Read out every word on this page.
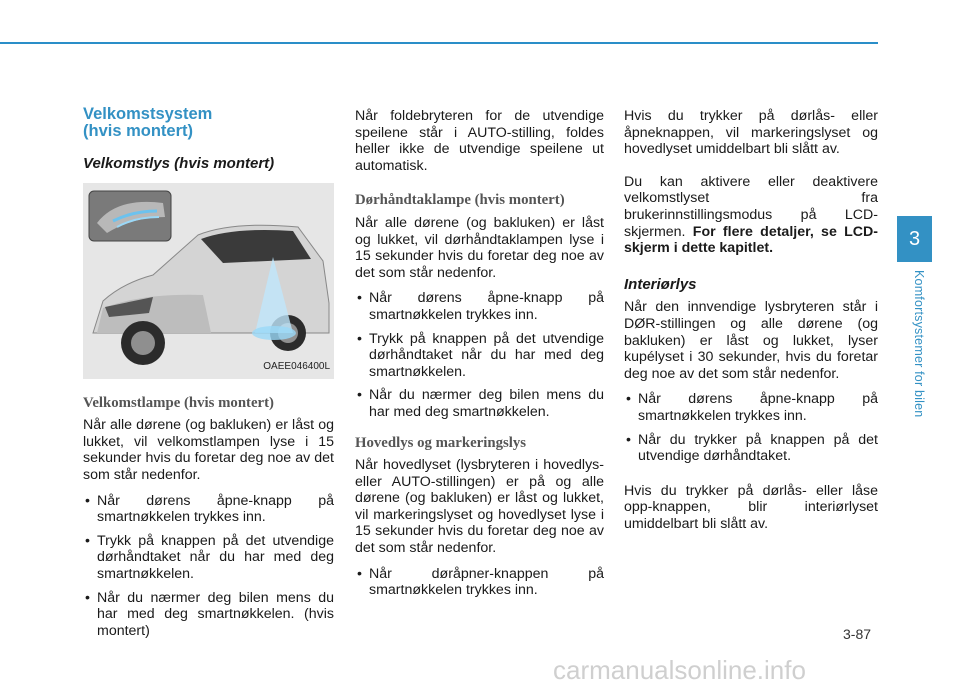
Velkomstsystem
(hvis montert)
Velkomstlys (hvis montert)
OAEE046400L
Velkomstlampe (hvis montert)

Når alle dørene (og bakluken) er låst og lukket, vil velkomstlampen lyse i 15 sekunder hvis du foretar deg noe av det som står nedenfor.

• Når dørens åpne-knapp på smartnøkkelen trykkes inn.
• Trykk på knappen på det utvendige dørhåndtaket når du har med deg smartnøkkelen.
• Når du nærmer deg bilen mens du har med deg smartnøkkelen. (hvis montert)

Når foldebryteren for de utvendige speilene står i AUTO-stilling, foldes heller ikke de utvendige speilene ut automatisk.

Dørhåndtaklampe (hvis montert)

Når alle dørene (og bakluken) er låst og lukket, vil dørhåndtaklampen lyse i 15 sekunder hvis du foretar deg noe av det som står nedenfor.

• Når dørens åpne-knapp på smartnøkkelen trykkes inn.
• Trykk på knappen på det utvendige dørhåndtaket når du har med deg smartnøkkelen.
• Når du nærmer deg bilen mens du har med deg smartnøkkelen.
Hovedlys og markeringslys

Når hovedlyset (lysbryteren i hovedlys- eller AUTO-stillingen) er på og alle dørene (og bakluken) er låst og lukket, vil markeringslyset og hovedlyset lyse i 15 sekunder hvis du foretar deg noe av det som står nedenfor.

• Når døråpner-knappen på smartnøkkelen trykkes inn.

Hvis du trykker på dørlås- eller åpneknappen, vil markeringslyset og hovedlyset umiddelbart bli slått av.

Du kan aktivere eller deaktivere velkomstlyset fra brukerinnstillingsmodus på LCD-skjermen. For flere detaljer, se LCD-skjerm i dette kapitlet.

Interiørlys

Når den innvendige lysbryteren står i DØR-stillingen og alle dørene (og bakluken) er låst og lukket, lyser kupélyset i 30 sekunder, hvis du foretar deg noe av det som står nedenfor.

• Når dørens åpne-knapp på smartnøkkelen trykkes inn.
• Når du trykker på knappen på det utvendige dørhåndtaket.

Hvis du trykker på dørlås- eller låse opp-knappen, blir interiørlyset umiddelbart bli slått av.

3
Komfortsystemer for bilen
3-87
carmanualsonline.info
